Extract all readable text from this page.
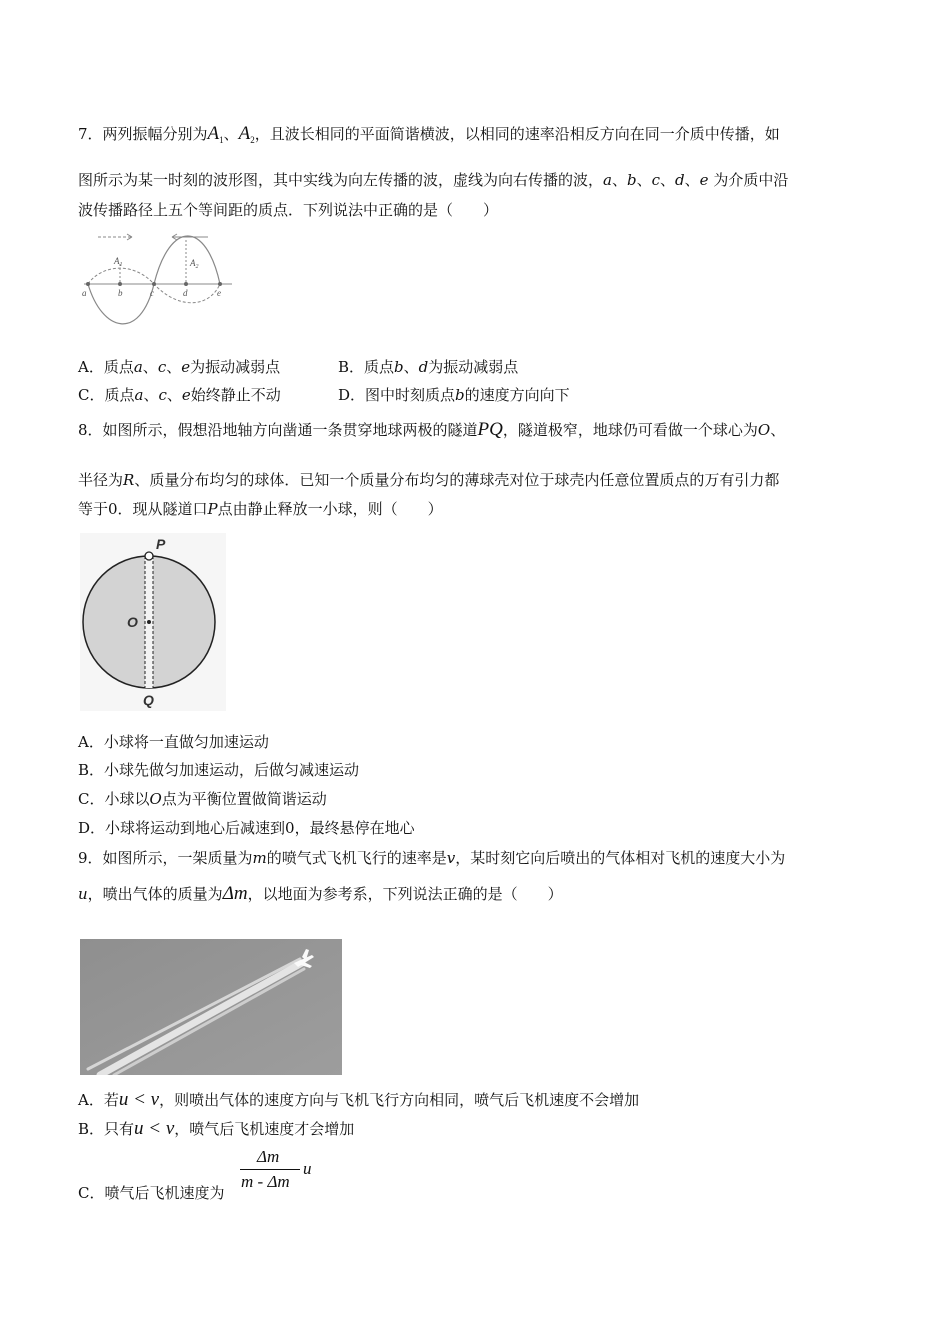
7．两列振幅分别为$A_1$、$A_2$，且波长相同的平面简谐横波，以相同的速率沿相反方向在同一介质中传播，如
图所示为某一时刻的波形图，其中实线为向左传播的波，虚线为向右传播的波，a、b、c、d、e 为介质中沿
波传播路径上五个等间距的质点．下列说法中正确的是（　　）
$A_1$	$A_2$
a	b	c	d	e
A．质点a、c、e为振动减弱点	B．质点b、d为振动减弱点
C．质点a、c、e始终静止不动	D．图中时刻质点b的速度方向向下
8．如图所示，假想沿地轴方向凿通一条贯穿地球两极的隧道PQ，隧道极窄，地球仍可看做一个球心为O、
半径为R、质量分布均匀的球体．已知一个质量分布均匀的薄球壳对位于球壳内任意位置质点的万有引力都
等于0．现从隧道口P点由静止释放一小球，则（　　）
P
O
Q
A．小球将一直做匀加速运动
B．小球先做匀加速运动，后做匀减速运动
C．小球以O点为平衡位置做简谐运动
D．小球将运动到地心后减速到0，最终悬停在地心
9．如图所示，一架质量为m的喷气式飞机飞行的速率是v，某时刻它向后喷出的气体相对飞机的速度大小为
u，喷出气体的质量为Δm，以地面为参考系，下列说法正确的是（　　）
A．若u < v，则喷出气体的速度方向与飞机飞行方向相同，喷气后飞机速度不会增加
B．只有u < v，喷气后飞机速度才会增加
C．喷气后飞机速度为
Δm
m - Δm
u
